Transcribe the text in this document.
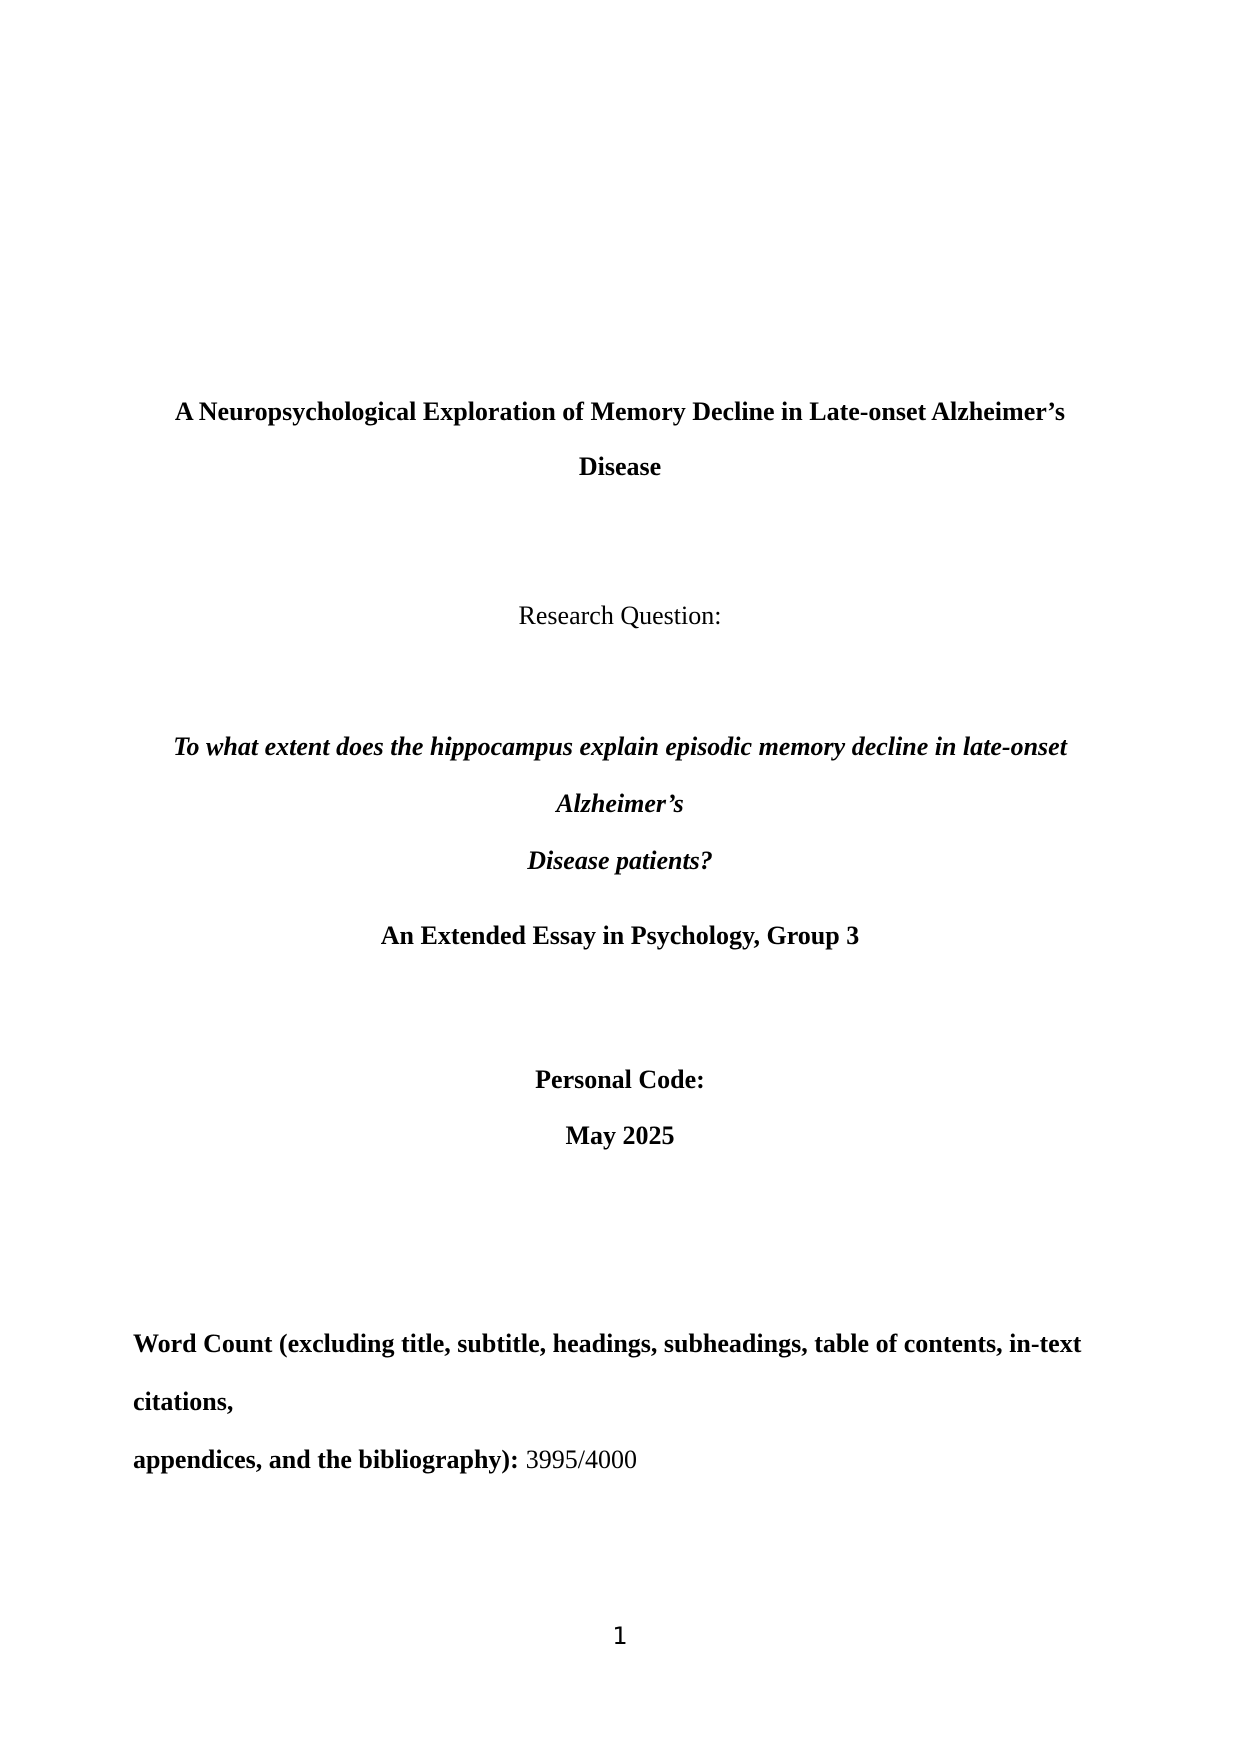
A Neuropsychological Exploration of Memory Decline in Late-onset Alzheimer’s
Disease
Research Question:
To what extent does the hippocampus explain episodic memory decline in late-onset Alzheimer’s
Disease patients?
An Extended Essay in Psychology, Group 3
Personal Code:
May 2025
Word Count (excluding title, subtitle, headings, subheadings, table of contents, in-text citations,
appendices, and the bibliography): 3995/4000
1
